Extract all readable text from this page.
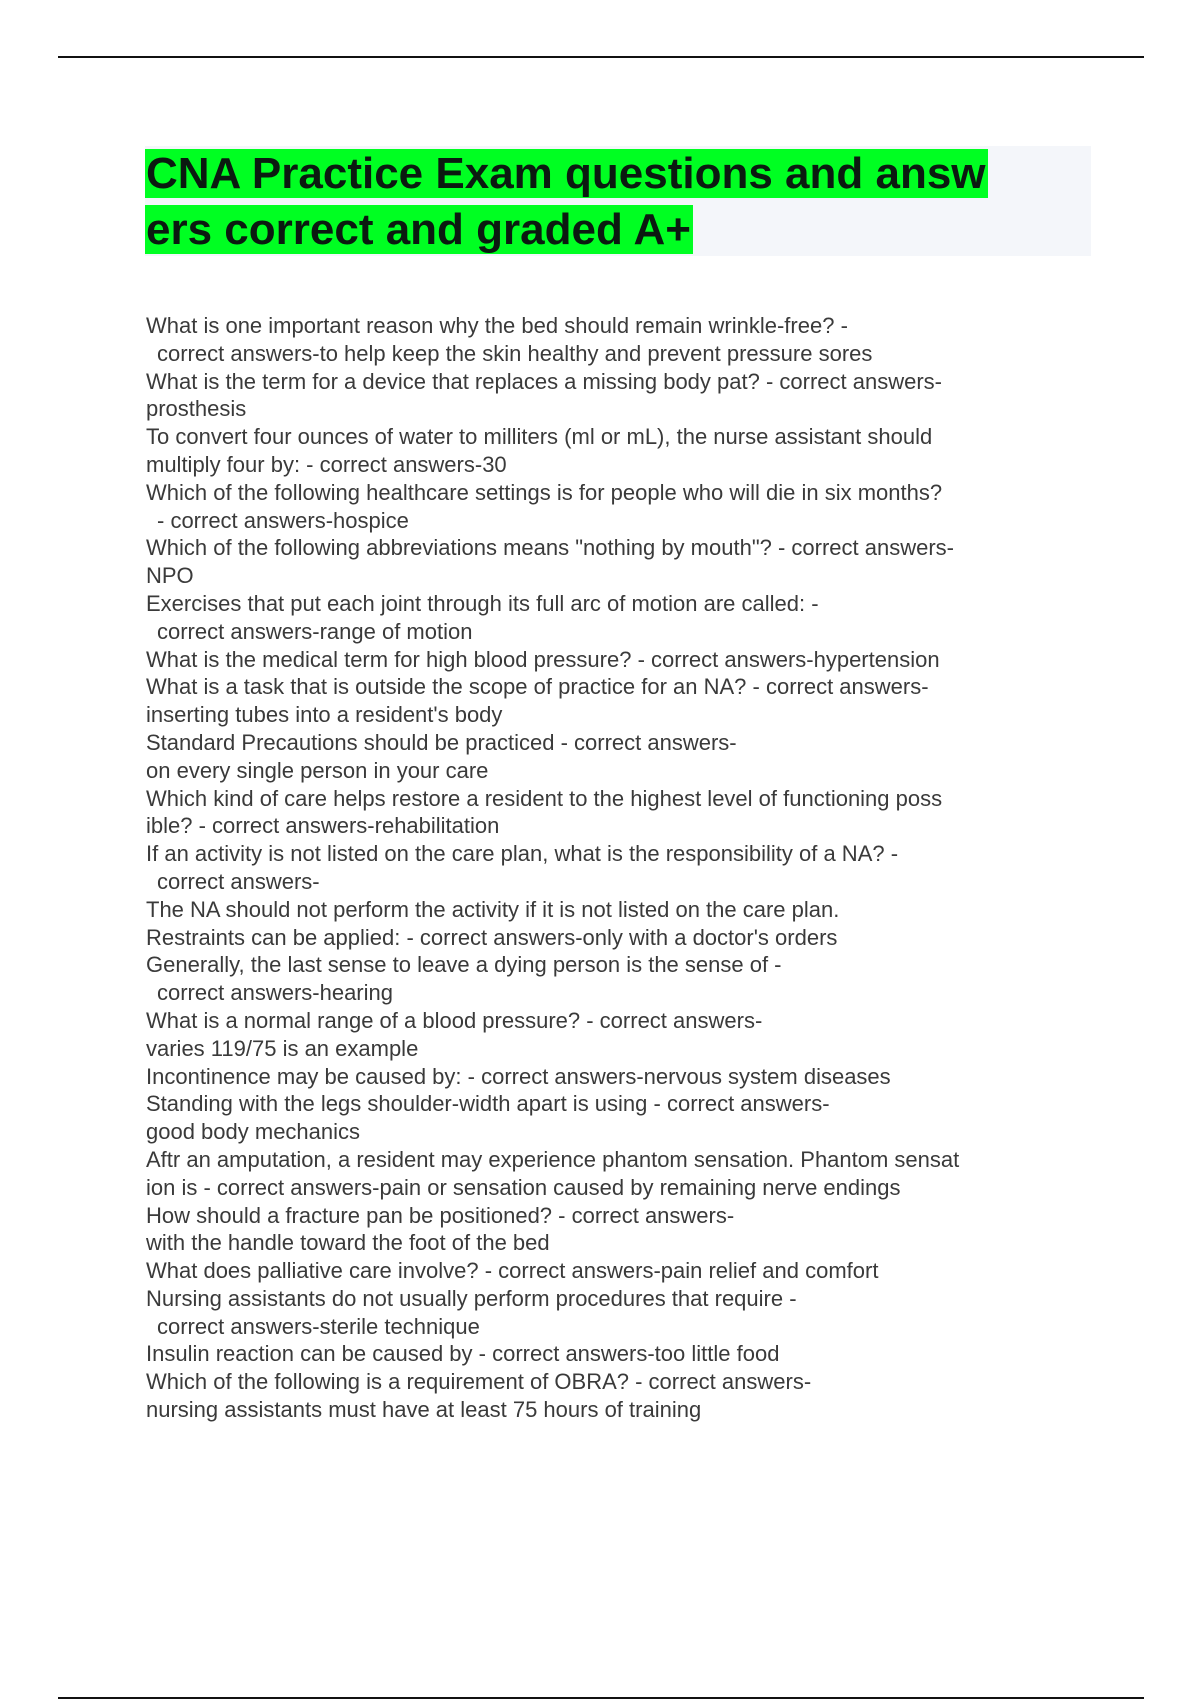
CNA Practice Exam questions and answ
ers correct and graded A+

What is one important reason why the bed should remain wrinkle-free? -
correct answers-to help keep the skin healthy and prevent pressure sores

What is the term for a device that replaces a missing body pat? - correct answers-
prosthesis

To convert four ounces of water to milliters (ml or mL), the nurse assistant should
multiply four by: - correct answers-30

Which of the following healthcare settings is for people who will die in six months?
- correct answers-hospice

Which of the following abbreviations means "nothing by mouth"? - correct answers-
NPO

Exercises that put each joint through its full arc of motion are called: -
correct answers-range of motion

What is the medical term for high blood pressure? - correct answers-hypertension

What is a task that is outside the scope of practice for an NA? - correct answers-
inserting tubes into a resident's body

Standard Precautions should be practiced - correct answers-
on every single person in your care

Which kind of care helps restore a resident to the highest level of functioning poss
ible? - correct answers-rehabilitation

If an activity is not listed on the care plan, what is the responsibility of a NA? -
correct answers-

The NA should not perform the activity if it is not listed on the care plan.

Restraints can be applied: - correct answers-only with a doctor's orders

Generally, the last sense to leave a dying person is the sense of -
correct answers-hearing

What is a normal range of a blood pressure? - correct answers-
varies 119/75 is an example

Incontinence may be caused by: - correct answers-nervous system diseases

Standing with the legs shoulder-width apart is using - correct answers-
good body mechanics

Aftr an amputation, a resident may experience phantom sensation. Phantom sensat
ion is - correct answers-pain or sensation caused by remaining nerve endings

How should a fracture pan be positioned? - correct answers-
with the handle toward the foot of the bed

What does palliative care involve? - correct answers-pain relief and comfort

Nursing assistants do not usually perform procedures that require -
correct answers-sterile technique

Insulin reaction can be caused by - correct answers-too little food

Which of the following is a requirement of OBRA? - correct answers-
nursing assistants must have at least 75 hours of training
